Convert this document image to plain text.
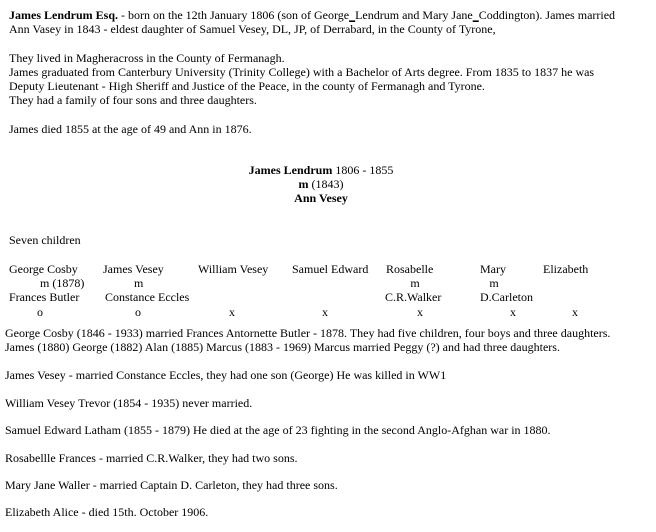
James Lendrum Esq. - born on the 12th January 1806 (son of George_Lendrum and Mary Jane_Coddington). James married
Ann Vasey in 1843 - eldest daughter of Samuel Vesey, DL, JP, of Derrabard, in the County of Tyrone,
They lived in Magheracross in the County of Fermanagh.
James graduated from Canterbury University (Trinity College) with a Bachelor of Arts degree. From 1835 to 1837 he was
Deputy Lieutenant - High Sheriff and Justice of the Peace, in the county of Fermanagh and Tyrone.
They had a family of four sons and three daughters.
James died 1855 at the age of 49 and Ann in 1876.
James Lendrum 1806 - 1855
m (1843)
Ann Vesey
Seven children
George Cosby
m (1878)
Frances Butler
o
James Vesey
m
Constance Eccles
o
William Vesey
x
Samuel Edward
x
Rosabelle
m
C.R.Walker
x
Mary
m
D.Carleton
x
Elizabeth
x
George Cosby (1846 - 1933) married Frances Antornette Butler - 1878. They had five children, four boys and three daughters.
James (1880) George (1882) Alan (1885) Marcus (1883 - 1969) Marcus married Peggy (?) and had three daughters.
James Vesey - married Constance Eccles, they had one son (George) He was killed in WW1
William Vesey Trevor (1854 - 1935) never married.
Samuel Edward Latham (1855 - 1879) He died at the age of 23 fighting in the second Anglo-Afghan war in 1880.
Rosabellle Frances - married C.R.Walker, they had two sons.
Mary Jane Waller - married Captain D. Carleton, they had three sons.
Elizabeth Alice - died 15th. October 1906.
